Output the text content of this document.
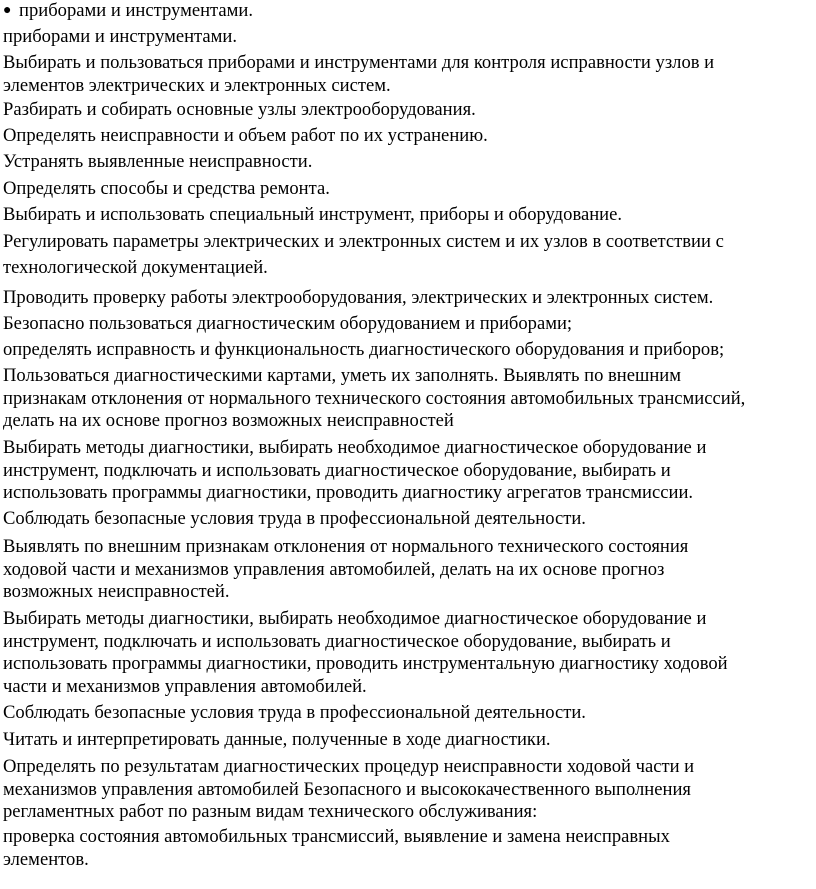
● приборами и инструментами.
приборами и инструментами.
Выбирать и пользоваться приборами и инструментами для контроля исправности узлов и
элементов электрических и электронных систем.
Разбирать и собирать основные узлы электрооборудования.
Определять неисправности и объем работ по их устранению.
Устранять выявленные неисправности.
Определять способы и средства ремонта.
Выбирать и использовать специальный инструмент, приборы и оборудование.
Регулировать параметры электрических и электронных систем и их узлов в соответствии с
технологической документацией.
Проводить проверку работы электрооборудования, электрических и электронных систем.
Безопасно пользоваться диагностическим оборудованием и приборами;
определять исправность и функциональность диагностического оборудования и приборов;
Пользоваться диагностическими картами, уметь их заполнять. Выявлять по внешним
признакам отклонения от нормального технического состояния автомобильных трансмиссий,
делать на их основе прогноз возможных неисправностей
Выбирать методы диагностики, выбирать необходимое диагностическое оборудование и
инструмент, подключать и использовать диагностическое оборудование, выбирать и
использовать программы диагностики, проводить диагностику агрегатов трансмиссии.
Соблюдать безопасные условия труда в профессиональной деятельности.
Выявлять по внешним признакам отклонения от нормального технического состояния
ходовой части и механизмов управления автомобилей, делать на их основе прогноз
возможных неисправностей.
Выбирать методы диагностики, выбирать необходимое диагностическое оборудование и
инструмент, подключать и использовать диагностическое оборудование, выбирать и
использовать программы диагностики, проводить инструментальную диагностику ходовой
части и механизмов управления автомобилей.
Соблюдать безопасные условия труда в профессиональной деятельности.
Читать и интерпретировать данные, полученные в ходе диагностики.
Определять по результатам диагностических процедур неисправности ходовой части и
механизмов управления автомобилей Безопасного и высококачественного выполнения
регламентных работ по разным видам технического обслуживания:
проверка состояния автомобильных трансмиссий, выявление и замена неисправных
элементов.
